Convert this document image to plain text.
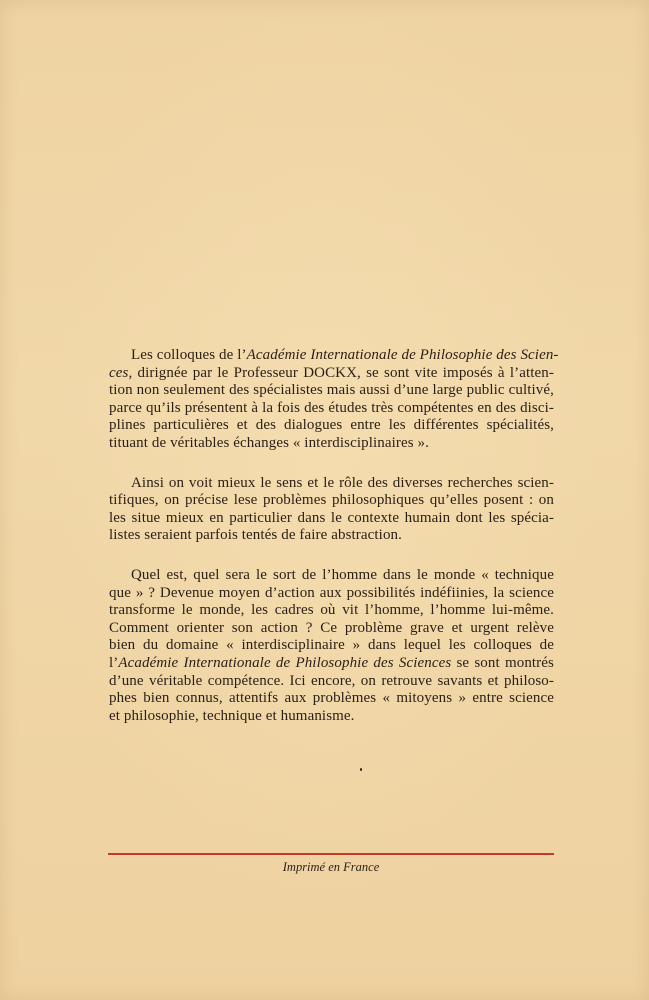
Les colloques de l’Académie Internationale de Philosophie des Scien-
ces, dirignée par le Professeur DOCKX, se sont vite imposés à l’atten-
tion non seulement des spécialistes mais aussi d’une large public cultivé,
parce qu’ils présentent à la fois des études très compétentes en des disci-
plines particulières et des dialogues entre les différentes spécialités,
tituant de véritables échanges « interdisciplinaires ».

Ainsi on voit mieux le sens et le rôle des diverses recherches scien-
tifiques, on précise lese problèmes philosophiques qu’elles posent : on
les situe mieux en particulier dans le contexte humain dont les spécia-
listes seraient parfois tentés de faire abstraction.

Quel est, quel sera le sort de l’homme dans le monde « technique
que » ? Devenue moyen d’action aux possibilités indéfiinies, la science
transforme le monde, les cadres où vit l’homme, l’homme lui-même.
Comment orienter son action ? Ce problème grave et urgent relève
bien du domaine « interdisciplinaire » dans lequel les colloques de
l’Académie Internationale de Philosophie des Sciences se sont montrés
d’une véritable compétence. Ici encore, on retrouve savants et philoso-
phes bien connus, attentifs aux problèmes « mitoyens » entre science
et philosophie, technique et humanisme.

Imprimé en France
